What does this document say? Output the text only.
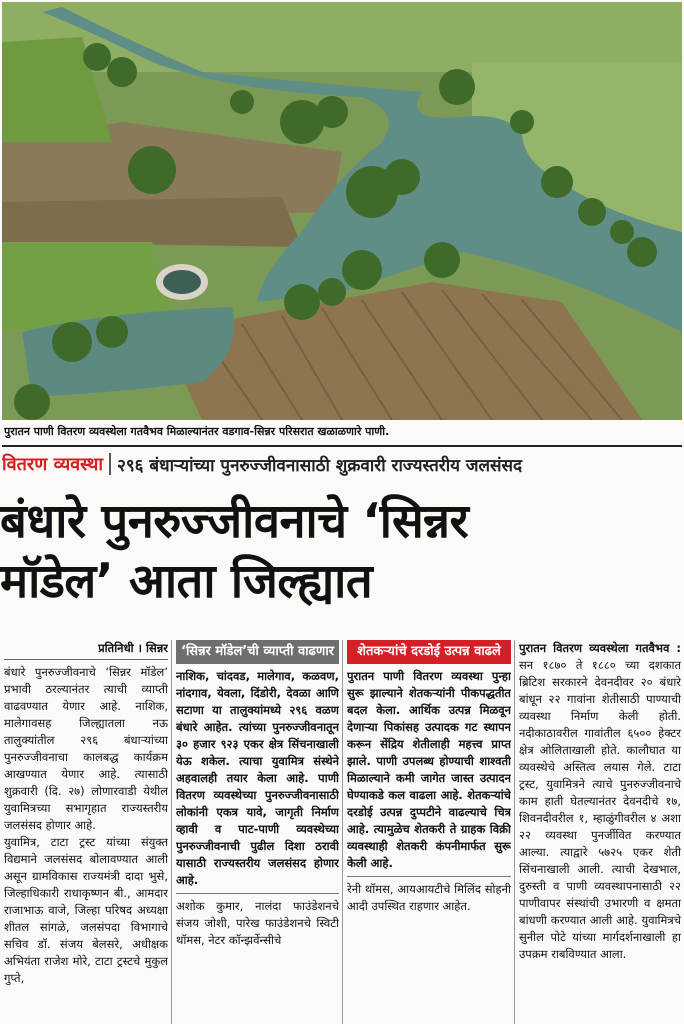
पुरातन पाणी वितरण व्यवस्थेला गतवैभव मिळाल्यानंतर वडगाव-सिन्नर परिसरात खळाळणारे पाणी.
वितरण व्यवस्था २९६ बंधाऱ्यांच्या पुनरुज्जीवनासाठी शुक्रवारी राज्यस्तरीय जलसंसद
बंधारे पुनरुज्जीवनाचे ‘सिन्नर
मॉडेल’ आता जिल्ह्यात
प्रतिनिधी । सिन्नर

बंधारे पुनरुज्जीवनाचे ‘सिन्नर मॉडेल’ प्रभावी ठरल्यानंतर त्याची व्याप्ती वाढवण्यात येणार आहे. नाशिक, मालेगावसह जिल्ह्यातला नऊ तालुक्यांतील २९६ बंधाऱ्यांच्या पुनरुज्जीवनाचा कालबद्ध कार्यक्रम आखण्यात येणार आहे. त्यासाठी शुक्रवारी (दि. २७) लोणारवाडी येथील युवामित्रच्या सभागृहात राज्यस्तरीय जलसंसद होणार आहे.

युवामित्र, टाटा ट्रस्ट यांच्या संयुक्त विद्यमाने जलसंसद बोलावण्यात आली असून ग्रामविकास राज्यमंत्री दादा भुसे, जिल्हाधिकारी राधाकृष्णन बी., आमदार राजाभाऊ वाजे, जिल्हा परिषद अध्यक्षा शीतल सांगळे, जलसंपदा विभागाचे सचिव डॉ. संजय बेलसरे, अधीक्षक अभियंता राजेश मोरे, टाटा ट्रस्टचे मुकुल गुप्ते,

‘सिन्नर मॉडेल’ची व्याप्ती वाढणार

नाशिक, चांदवड, मालेगाव, कळवण, नांदगाव, येवला, दिंडोरी, देवळा आणि सटाणा या तालुक्यांमध्ये २९६ वळण बंधारे आहेत. त्यांच्या पुनरुज्जीवनातून ३० हजार ९२३ एकर क्षेत्र सिंचनाखाली येऊ शकेल. त्याचा युवामित्र संस्थेने अहवालही तयार केला आहे. पाणी वितरण व्यवस्थेच्या पुनरुज्जीवनासाठी लोकांनी एकत्र यावे, जागृती निर्माण व्हावी व पाट-पाणी व्यवस्थेच्या पुनरुज्जीवनाची पुढील दिशा ठरावी यासाठी राज्यस्तरीय जलसंसद होणार आहे.

अशोक कुमार, नालंदा फाउंडेशनचे संजय जोशी, पारेख फाउंडेशनचे स्विटी थॉमस, नेटर कॉन्झर्वेन्सीचे

शेतकऱ्यांचे दरडोई उत्पन्न वाढले

पुरातन पाणी वितरण व्यवस्था पुन्हा सुरू झाल्याने शेतकऱ्यांनी पीकपद्धतीत बदल केला. आर्थिक उत्पन्न मिळवून देणाऱ्या पिकांसह उत्पादक गट स्थापन करून सेंद्रिय शेतीलाही महत्त्व प्राप्त झाले. पाणी उपलब्ध होण्याची शाश्वती मिळाल्याने कमी जागेत जास्त उत्पादन घेण्याकडे कल वाढला आहे. शेतकऱ्यांचे दरडोई उत्पन्न दुप्पटीने वाढल्याचे चित्र आहे. त्यामुळेच शेतकरी ते ग्राहक विक्री व्यवस्थाही शेतकरी कंपनीमार्फत सुरू केली आहे.

रेनी थॉमस, आयआयटीचे मिलिंद सोहनी आदी उपस्थित राहणार आहेत.

पुरातन वितरण व्यवस्थेला गतवैभव : सन १८७० ते १८८० च्या दशकात ब्रिटिश सरकारने देवनदीवर २० बंधारे बांधून २२ गावांना शेतीसाठी पाण्याची व्यवस्था निर्माण केली होती. नदीकाठावरील गावांतील ६५०० हेक्टर क्षेत्र ओलिताखाली होते. कालौघात या व्यवस्थेचे अस्तित्व लयास गेले. टाटा ट्रस्ट, युवामित्रने त्याचे पुनरुज्जीवनाचे काम हाती घेतल्यानंतर देवनदीचे १७, शिवनदीवरील १, म्हाळुंगीवरील ४ अशा २२ व्यवस्था पुनर्जीवित करण्यात आल्या. त्याद्वारे ५७२५ एकर शेती सिंचनाखाली आली. त्याची देखभाल, दुरुस्ती व पाणी व्यवस्थापनासाठी २२ पाणीवापर संस्थांची उभारणी व क्षमता बांधणी करण्यात आली आहे. युवामित्रचे सुनील पोटे यांच्या मार्गदर्शनाखाली हा उपक्रम राबविण्यात आला.
